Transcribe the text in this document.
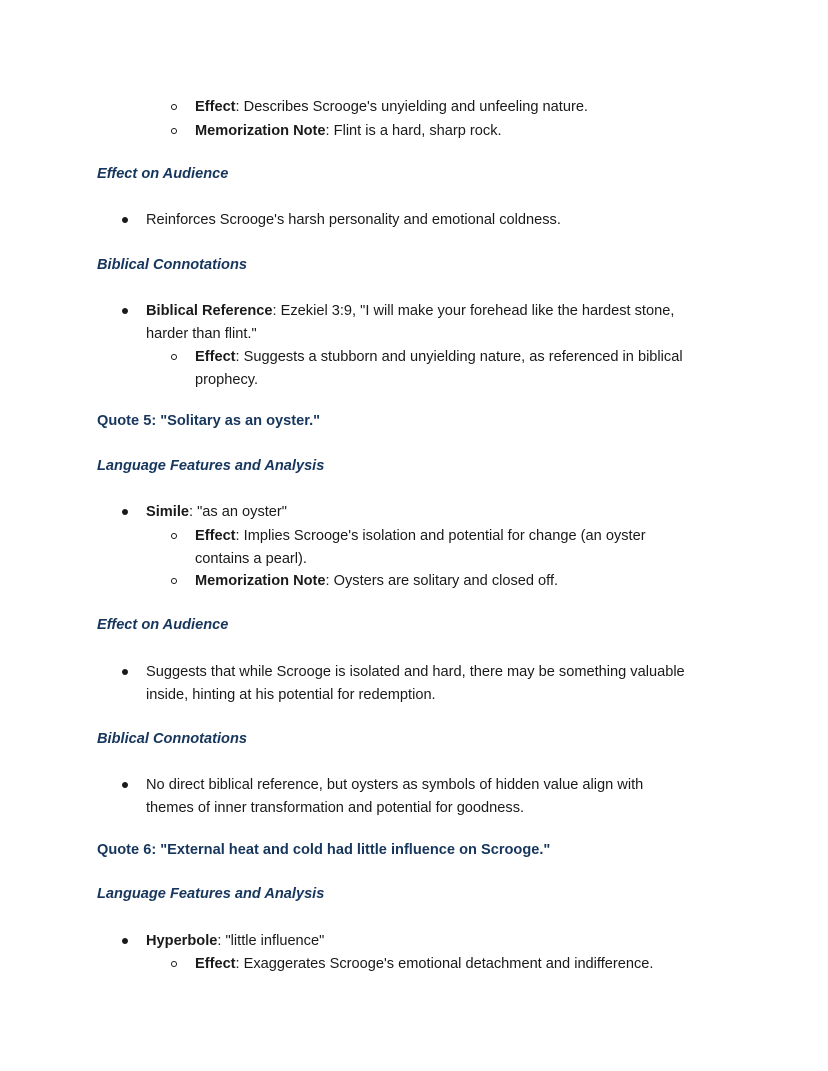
Effect: Describes Scrooge's unyielding and unfeeling nature.
Memorization Note: Flint is a hard, sharp rock.
Effect on Audience
Reinforces Scrooge's harsh personality and emotional coldness.
Biblical Connotations
Biblical Reference: Ezekiel 3:9, "I will make your forehead like the hardest stone,
harder than flint."
Effect: Suggests a stubborn and unyielding nature, as referenced in biblical
prophecy.
Quote 5: "Solitary as an oyster."
Language Features and Analysis
Simile: "as an oyster"
Effect: Implies Scrooge's isolation and potential for change (an oyster
contains a pearl).
Memorization Note: Oysters are solitary and closed off.
Effect on Audience
Suggests that while Scrooge is isolated and hard, there may be something valuable
inside, hinting at his potential for redemption.
Biblical Connotations
No direct biblical reference, but oysters as symbols of hidden value align with
themes of inner transformation and potential for goodness.
Quote 6: "External heat and cold had little influence on Scrooge."
Language Features and Analysis
Hyperbole: "little influence"
Effect: Exaggerates Scrooge's emotional detachment and indifference.
